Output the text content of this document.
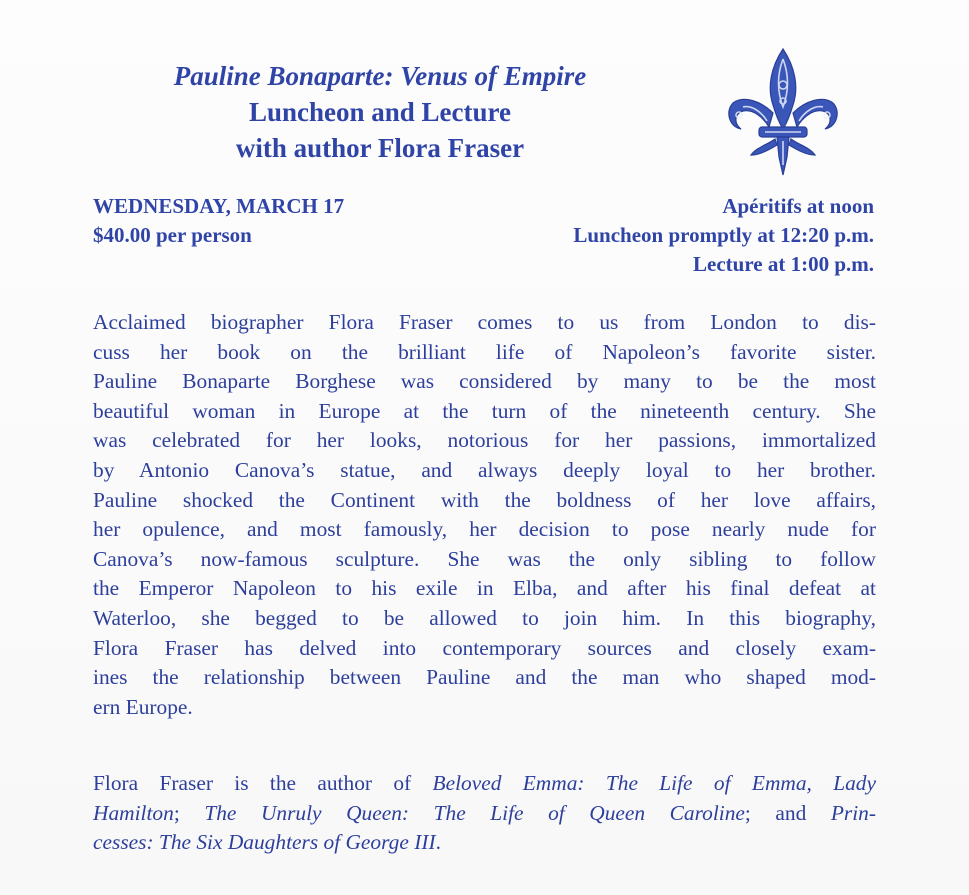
Pauline Bonaparte: Venus of Empire
Luncheon and Lecture
with author Flora Fraser
WEDNESDAY, MARCH 17
$40.00 per person
Apéritifs at noon
Luncheon promptly at 12:20 p.m.
Lecture at 1:00 p.m.
Acclaimed biographer Flora Fraser comes to us from London to dis-
cuss her book on the brilliant life of Napoleon’s favorite sister.
Pauline Bonaparte Borghese was considered by many to be the most
beautiful woman in Europe at the turn of the nineteenth century. She
was celebrated for her looks, notorious for her passions, immortalized
by Antonio Canova’s statue, and always deeply loyal to her brother.
Pauline shocked the Continent with the boldness of her love affairs,
her opulence, and most famously, her decision to pose nearly nude for
Canova’s now-famous sculpture. She was the only sibling to follow
the Emperor Napoleon to his exile in Elba, and after his final defeat at
Waterloo, she begged to be allowed to join him. In this biography,
Flora Fraser has delved into contemporary sources and closely exam-
ines the relationship between Pauline and the man who shaped mod-
ern Europe.
Flora Fraser is the author of Beloved Emma: The Life of Emma, Lady
Hamilton; The Unruly Queen: The Life of Queen Caroline; and Prin-
cesses: The Six Daughters of George III.
